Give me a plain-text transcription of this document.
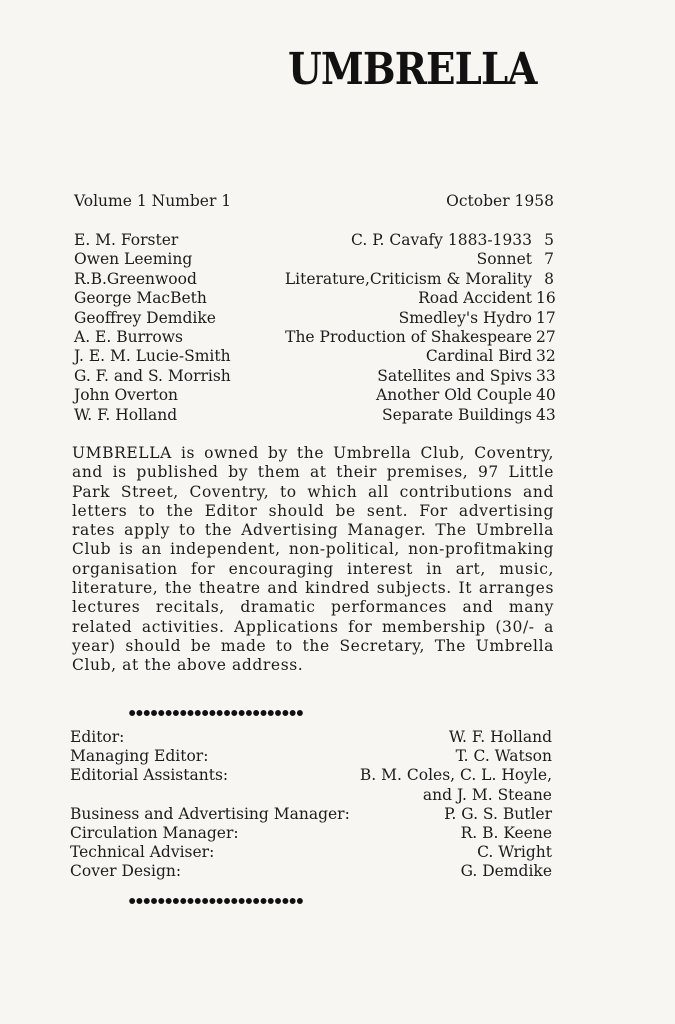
UMBRELLA
Volume 1 Number 1	October 1958
E. M. Forster	C. P. Cavafy 1883-1933 5
Owen Leeming	Sonnet 7
R.B.Greenwood	Literature,Criticism & Morality 8
George MacBeth	Road Accident 16
Geoffrey Demdike	Smedley's Hydro 17
A. E. Burrows	The Production of Shakespeare 27
J. E. M. Lucie-Smith	Cardinal Bird 32
G. F. and S. Morrish	Satellites and Spivs 33
John Overton	Another Old Couple 40
W. F. Holland	Separate Buildings 43
UMBRELLA is owned by the Umbrella Club, Coventry, and is published by them at their premises, 97 Little Park Street, Coventry, to which all contributions and letters to the Editor should be sent. For advertising rates apply to the Advertising Manager. The Umbrella Club is an independent, non-political, non-profitmaking organisation for encouraging interest in art, music, literature, the theatre and kindred subjects. It arranges lectures recitals, dramatic performances and many related activities. Applications for membership (30/- a year) should be made to the Secretary, The Umbrella Club, at the above address.
ꔷꔷꔷꔷꔷꔷꔷꔷꔷꔷꔷꔷꔷꔷꔷꔷꔷꔷꔷꔷꔷꔷꔷꔷ
Editor:	W. F. Holland
Managing Editor:	T. C. Watson
Editorial Assistants:	B. M. Coles, C. L. Hoyle,
and J. M. Steane
Business and Advertising Manager:	P. G. S. Butler
Circulation Manager:	R. B. Keene
Technical Adviser:	C. Wright
Cover Design:	G. Demdike
ꔷꔷꔷꔷꔷꔷꔷꔷꔷꔷꔷꔷꔷꔷꔷꔷꔷꔷꔷꔷꔷꔷꔷꔷ
